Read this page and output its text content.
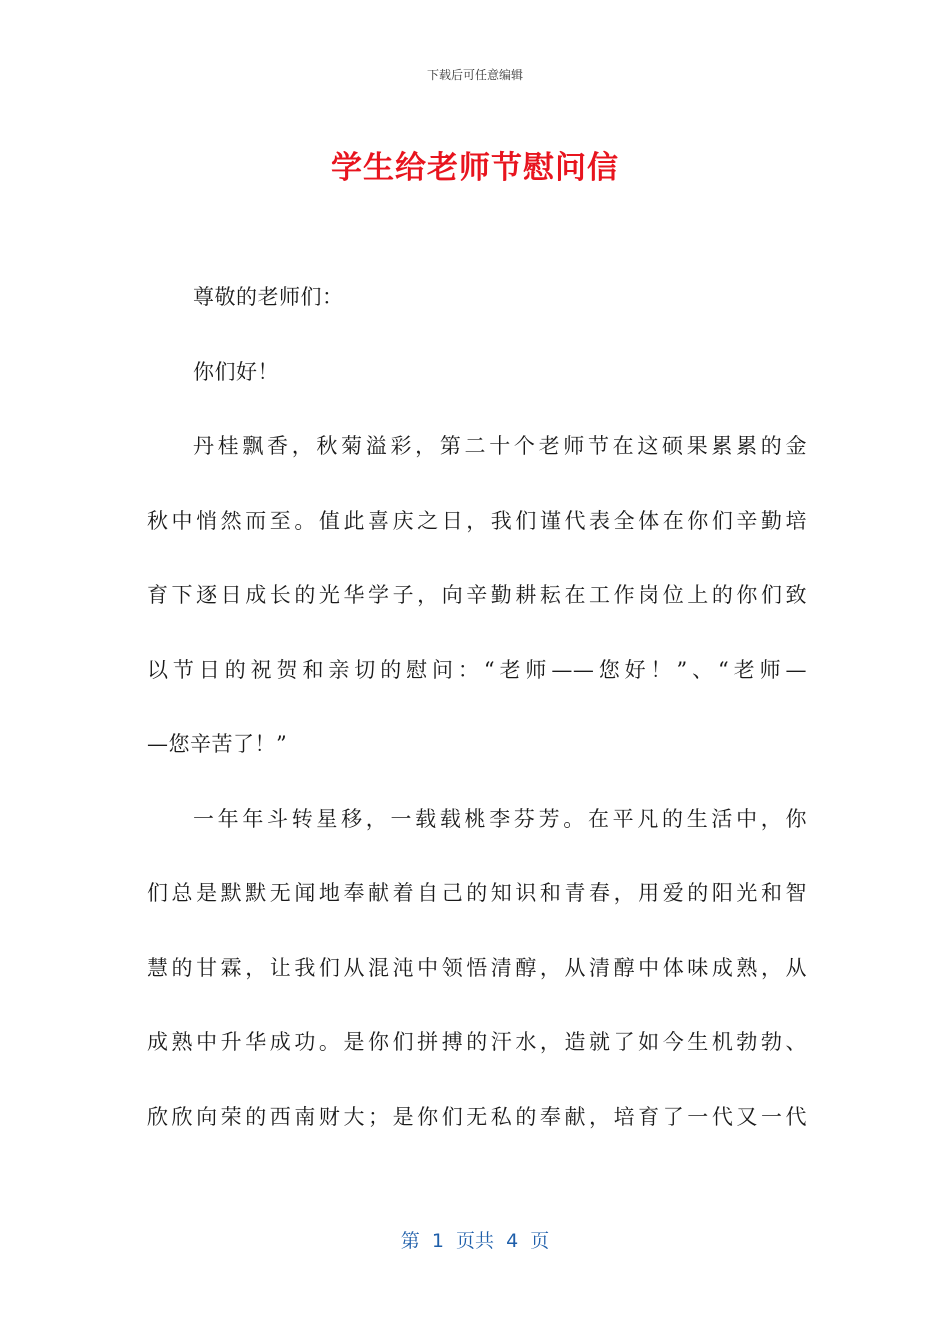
下载后可任意编辑
学生给老师节慰问信
尊敬的老师们：
你们好！
丹桂飘香，秋菊溢彩，第二十个老师节在这硕果累累的金
秋中悄然而至。值此喜庆之日，我们谨代表全体在你们辛勤培
育下逐日成长的光华学子，向辛勤耕耘在工作岗位上的你们致
以节日的祝贺和亲切的慰问：“老师——您好！”、“老师—
—您辛苦了！”
一年年斗转星移，一载载桃李芬芳。在平凡的生活中，你
们总是默默无闻地奉献着自己的知识和青春，用爱的阳光和智
慧的甘霖，让我们从混沌中领悟清醇，从清醇中体味成熟，从
成熟中升华成功。是你们拼搏的汗水，造就了如今生机勃勃、
欣欣向荣的西南财大；是你们无私的奉献，培育了一代又一代
第  1  页共  4  页
